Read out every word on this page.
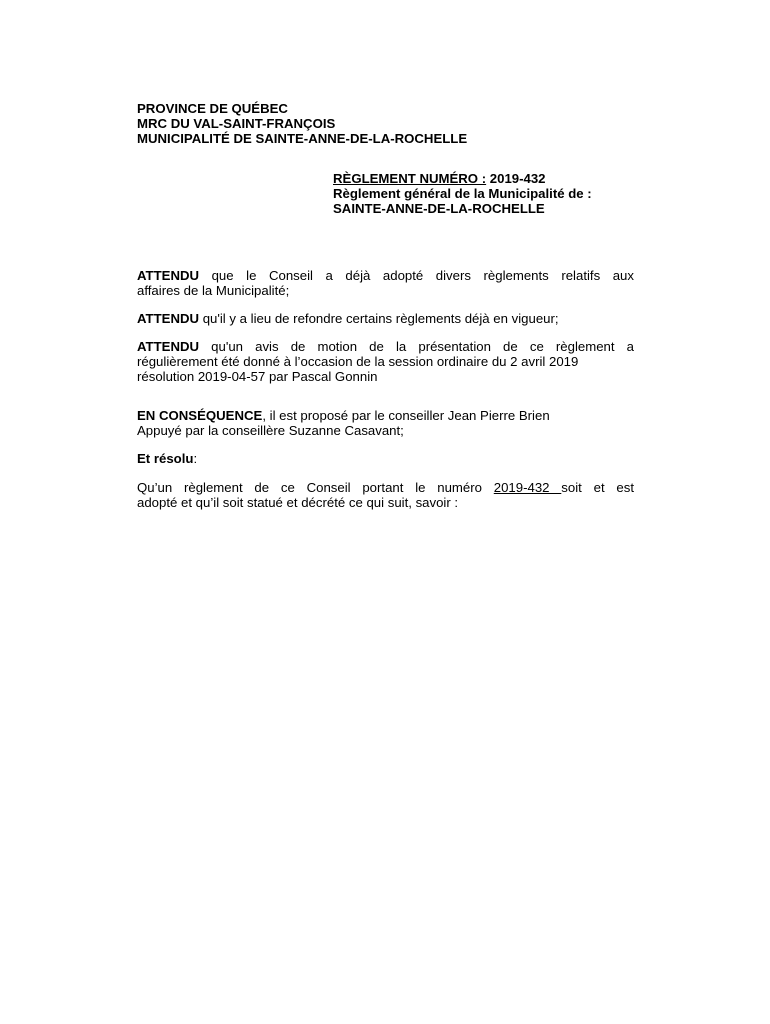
PROVINCE DE QUÉBEC
MRC DU VAL-SAINT-FRANÇOIS
MUNICIPALITÉ DE SAINTE-ANNE-DE-LA-ROCHELLE
RÈGLEMENT NUMÉRO : 2019-432
Règlement général de la Municipalité de :
SAINTE-ANNE-DE-LA-ROCHELLE
ATTENDU que le Conseil a déjà adopté divers règlements relatifs aux
affaires de la Municipalité;
ATTENDU qu'il y a lieu de refondre certains règlements déjà en vigueur;
ATTENDU qu'un avis de motion de la présentation de ce règlement a
régulièrement été donné à l’occasion de la session ordinaire du 2 avril 2019
résolution 2019-04-57 par Pascal Gonnin
EN CONSÉQUENCE, il est proposé par le conseiller Jean Pierre Brien
Appuyé par la conseillère Suzanne Casavant;
Et résolu:
Qu’un règlement de ce Conseil portant le numéro 2019-432 soit et est
adopté et qu’il soit statué et décrété ce qui suit, savoir :
